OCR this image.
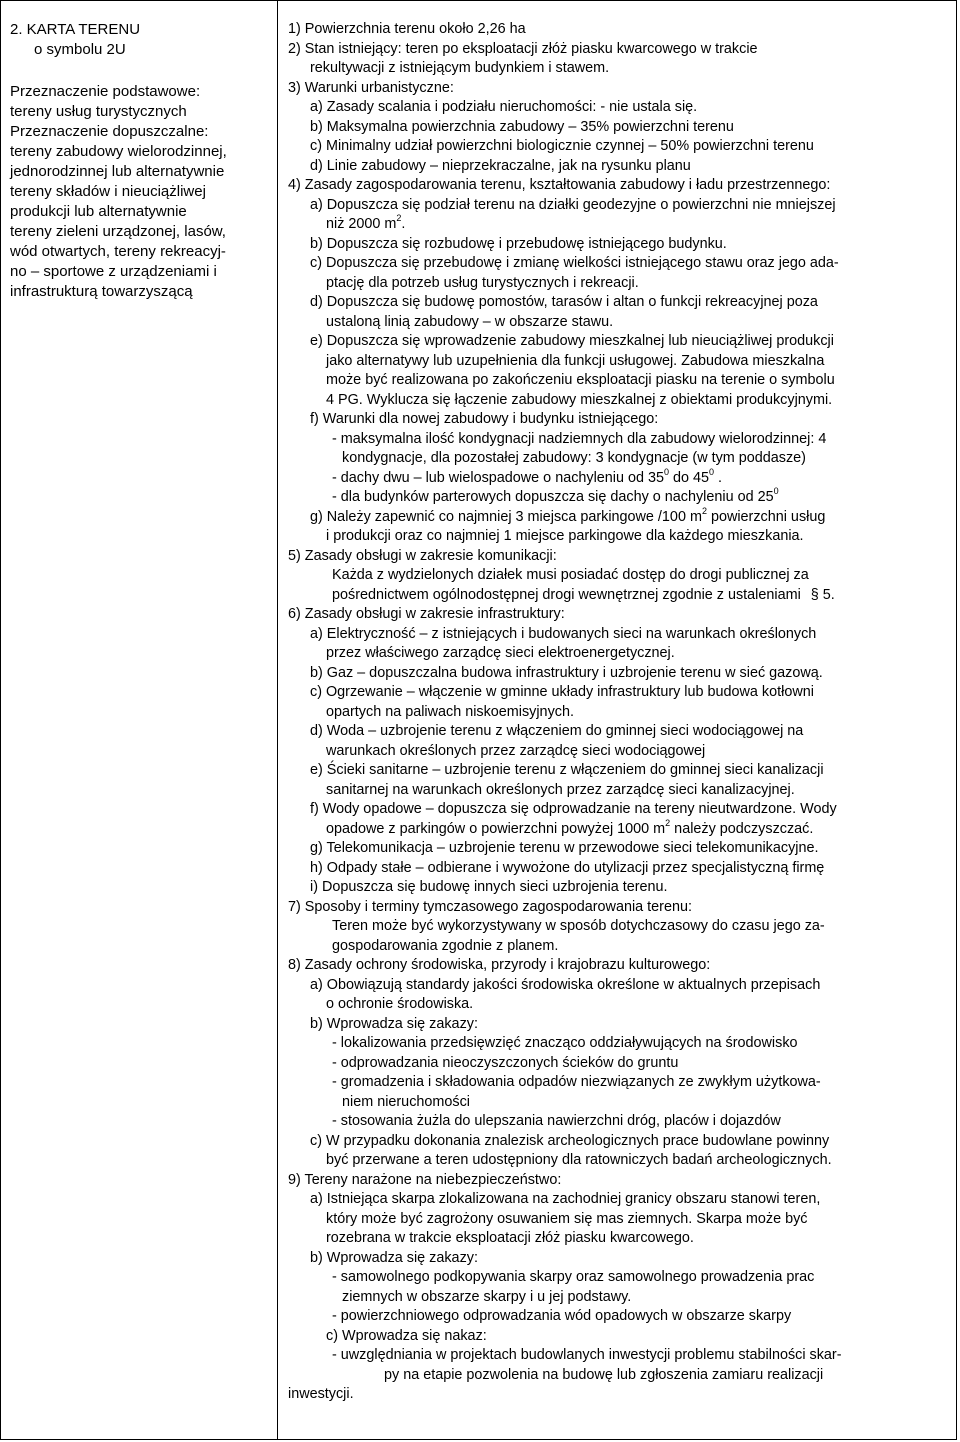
2. KARTA TERENU
o symbolu 2U
Przeznaczenie podstawowe:
tereny usług turystycznych
Przeznaczenie dopuszczalne:
tereny zabudowy wielorodzinnej,
jednorodzinnej lub alternatywnie
tereny składów i nieuciążliwej
produkcji lub alternatywnie
tereny zieleni urządzonej, lasów,
wód otwartych, tereny rekreacyj-
no – sportowe z urządzeniami i
infrastrukturą towarzyszącą
1) Powierzchnia terenu około 2,26 ha
2) Stan istniejący: teren po eksploatacji złóż piasku kwarcowego w trakcie
rekultywacji z istniejącym budynkiem i stawem.
3) Warunki urbanistyczne:
a) Zasady scalania i podziału nieruchomości: - nie ustala się.
b) Maksymalna powierzchnia zabudowy – 35% powierzchni terenu
c) Minimalny udział powierzchni biologicznie czynnej – 50% powierzchni terenu
d) Linie zabudowy – nieprzekraczalne, jak na rysunku planu
4) Zasady zagospodarowania terenu, kształtowania zabudowy i ładu przestrzennego:
a) Dopuszcza się podział terenu na działki geodezyjne o powierzchni nie mniejszej
niż 2000 $m^2$.
b) Dopuszcza się rozbudowę i przebudowę istniejącego budynku.
c) Dopuszcza się przebudowę i zmianę wielkości istniejącego stawu oraz jego ada-
ptację dla potrzeb usług turystycznych i rekreacji.
d) Dopuszcza się budowę pomostów, tarasów i altan o funkcji rekreacyjnej poza
ustaloną linią zabudowy – w obszarze stawu.
e) Dopuszcza się wprowadzenie zabudowy mieszkalnej lub nieuciążliwej produkcji
jako alternatywy lub uzupełnienia dla funkcji usługowej. Zabudowa mieszkalna
może być realizowana po zakończeniu eksploatacji piasku na terenie o symbolu
4 PG. Wyklucza się łączenie zabudowy mieszkalnej z obiektami produkcyjnymi.
f) Warunki dla nowej zabudowy i budynku istniejącego:
- maksymalna ilość kondygnacji nadziemnych dla zabudowy wielorodzinnej: 4
kondygnacje, dla pozostałej zabudowy: 3 kondygnacje (w tym poddasze)
- dachy dwu – lub wielospadowe o nachyleniu od $35^0$ do $45^0$ .
- dla budynków parterowych dopuszcza się dachy o nachyleniu od $25^0$
g) Należy zapewnić co najmniej 3 miejsca parkingowe /100 $m^2$ powierzchni usług
i produkcji oraz co najmniej 1 miejsce parkingowe dla każdego mieszkania.
5) Zasady obsługi w zakresie komunikacji:
Każda z wydzielonych działek musi posiadać dostęp do drogi publicznej za
pośrednictwem ogólnodostępnej drogi wewnętrznej zgodnie z ustaleniami § 5.
6) Zasady obsługi w zakresie infrastruktury:
a) Elektryczność – z istniejących i budowanych sieci na warunkach określonych
przez właściwego zarządcę sieci elektroenergetycznej.
b) Gaz – dopuszczalna budowa infrastruktury i uzbrojenie terenu w sieć gazową.
c) Ogrzewanie – włączenie w gminne układy infrastruktury lub budowa kotłowni
opartych na paliwach niskoemisyjnych.
d) Woda – uzbrojenie terenu z włączeniem do gminnej sieci wodociągowej na
warunkach określonych przez zarządcę sieci wodociągowej
e) Ścieki sanitarne – uzbrojenie terenu z włączeniem do gminnej sieci kanalizacji
sanitarnej na warunkach określonych przez zarządcę sieci kanalizacyjnej.
f) Wody opadowe – dopuszcza się odprowadzanie na tereny nieutwardzone. Wody
opadowe z parkingów o powierzchni powyżej 1000 $m^2$ należy podczyszczać.
g) Telekomunikacja – uzbrojenie terenu w przewodowe sieci telekomunikacyjne.
h) Odpady stałe – odbierane i wywożone do utylizacji przez specjalistyczną firmę
i) Dopuszcza się budowę innych sieci uzbrojenia terenu.
7) Sposoby i terminy tymczasowego zagospodarowania terenu:
Teren może być wykorzystywany w sposób dotychczasowy do czasu jego za-
gospodarowania zgodnie z planem.
8) Zasady ochrony środowiska, przyrody i krajobrazu kulturowego:
a) Obowiązują standardy jakości środowiska określone w aktualnych przepisach
o ochronie środowiska.
b) Wprowadza się zakazy:
- lokalizowania przedsięwzięć znacząco oddziaływujących na środowisko
- odprowadzania nieoczyszczonych ścieków do gruntu
- gromadzenia i składowania odpadów niezwiązanych ze zwykłym użytkowa-
niem nieruchomości
- stosowania żużla do ulepszania nawierzchni dróg, placów i dojazdów
c) W przypadku dokonania znalezisk archeologicznych prace budowlane powinny
być przerwane a teren udostępniony dla ratowniczych badań archeologicznych.
9) Tereny narażone na niebezpieczeństwo:
a) Istniejąca skarpa zlokalizowana na zachodniej granicy obszaru stanowi teren,
który może być zagrożony osuwaniem się mas ziemnych. Skarpa może być
rozebrana w trakcie eksploatacji złóż piasku kwarcowego.
b) Wprowadza się zakazy:
- samowolnego podkopywania skarpy oraz samowolnego prowadzenia prac
ziemnych w obszarze skarpy i u jej podstawy.
- powierzchniowego odprowadzania wód opadowych w obszarze skarpy
c) Wprowadza się nakaz:
- uwzględniania w projektach budowlanych inwestycji problemu stabilności skar-
py na etapie pozwolenia na budowę lub zgłoszenia zamiaru realizacji
inwestycji.
